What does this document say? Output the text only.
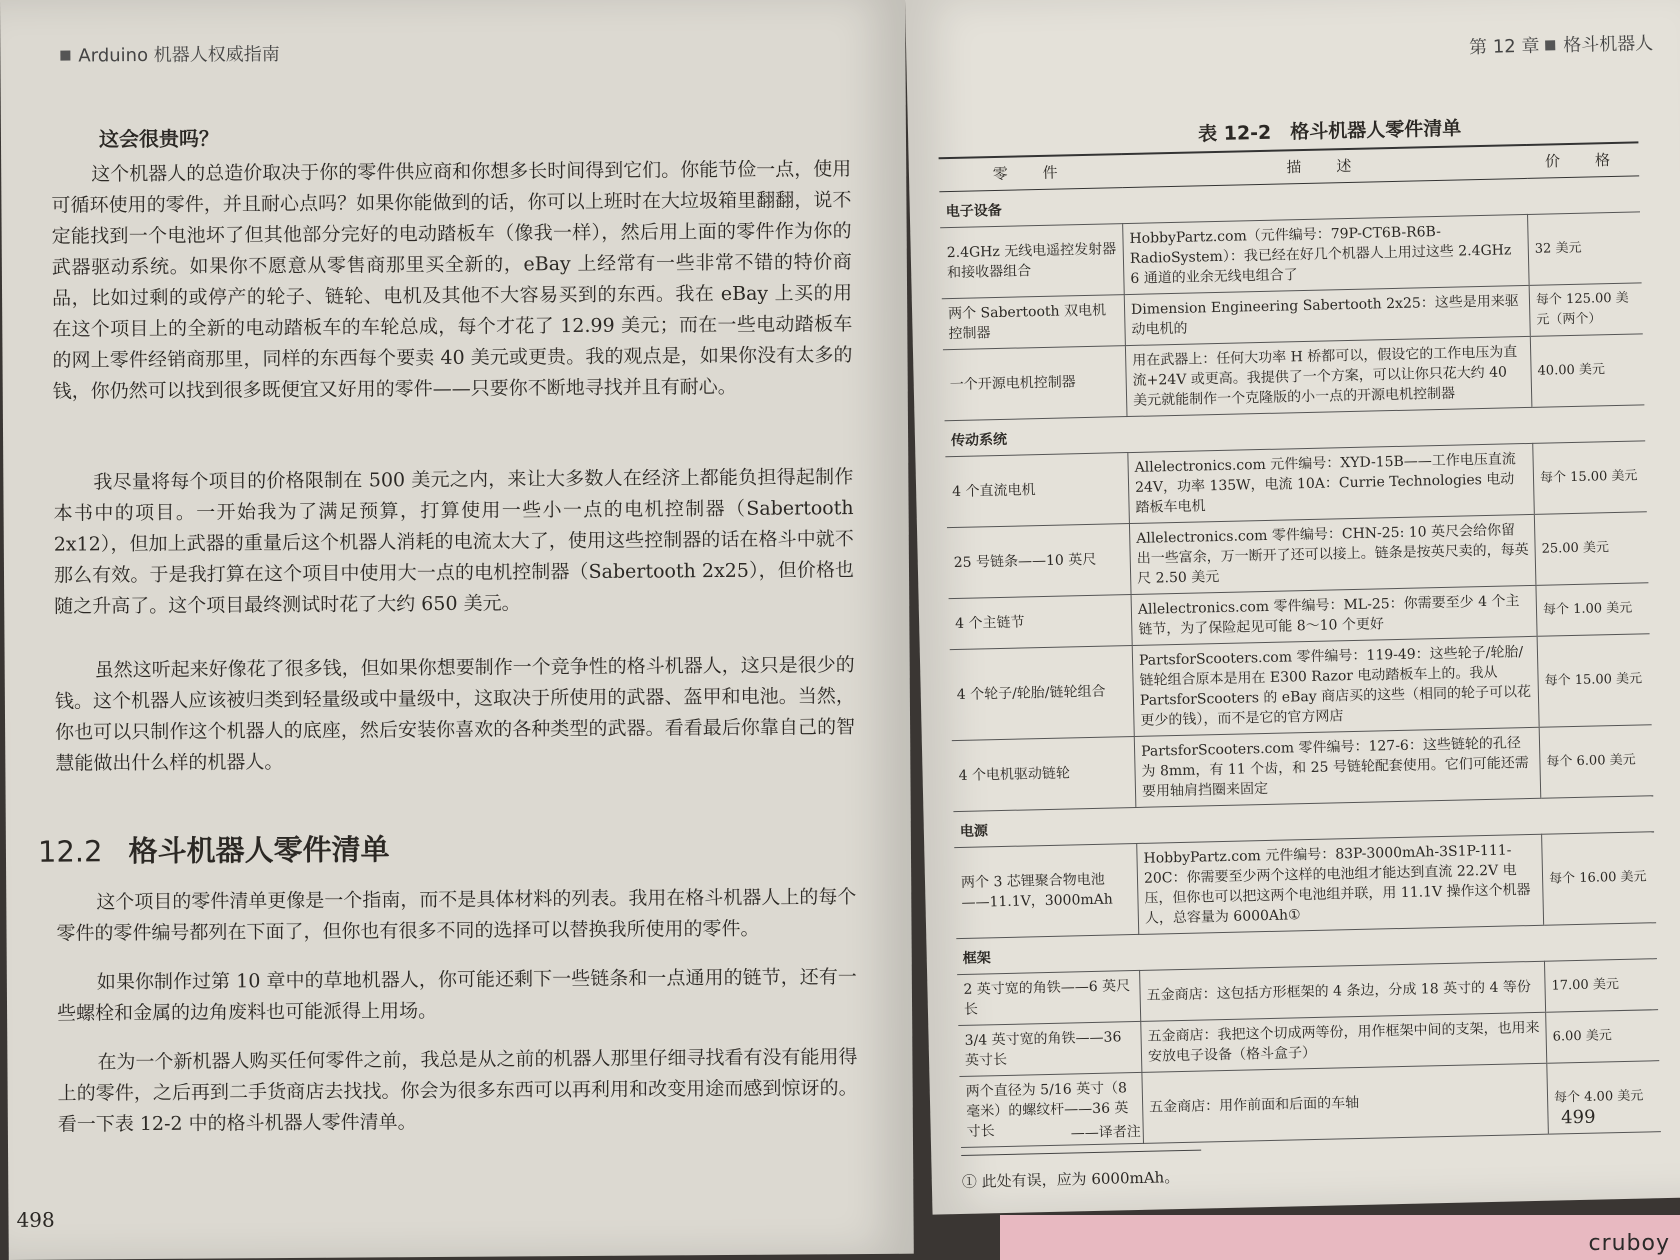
Arduino 机器人权威指南
这会很贵吗？

这个机器人的总造价取决于你的零件供应商和你想多长时间得到它们。你能节俭一点，使用可循环使用的零件，并且耐心点吗？如果你能做到的话，你可以上班时在大垃圾箱里翻翻，说不定能找到一个电池坏了但其他部分完好的电动踏板车（像我一样），然后用上面的零件作为你的武器驱动系统。如果你不愿意从零售商那里买全新的，eBay 上经常有一些非常不错的特价商品，比如过剩的或停产的轮子、链轮、电机及其他不大容易买到的东西。我在 eBay 上买的用在这个项目上的全新的电动踏板车的车轮总成，每个才花了 12.99 美元；而在一些电动踏板车的网上零件经销商那里，同样的东西每个要卖 40 美元或更贵。我的观点是，如果你没有太多的钱，你仍然可以找到很多既便宜又好用的零件——只要你不断地寻找并且有耐心。

我尽量将每个项目的价格限制在 500 美元之内，来让大多数人在经济上都能负担得起制作本书中的项目。一开始我为了满足预算，打算使用一些小一点的电机控制器（Sabertooth 2x12），但加上武器的重量后这个机器人消耗的电流太大了，使用这些控制器的话在格斗中就不那么有效。于是我打算在这个项目中使用大一点的电机控制器（Sabertooth 2x25），但价格也随之升高了。这个项目最终测试时花了大约 650 美元。

虽然这听起来好像花了很多钱，但如果你想要制作一个竞争性的格斗机器人，这只是很少的钱。这个机器人应该被归类到轻量级或中量级中，这取决于所使用的武器、盔甲和电池。当然，你也可以只制作这个机器人的底座，然后安装你喜欢的各种类型的武器。看看最后你靠自己的智慧能做出什么样的机器人。

12.2 格斗机器人零件清单

这个项目的零件清单更像是一个指南，而不是具体材料的列表。我用在格斗机器人上的每个零件的零件编号都列在下面了，但你也有很多不同的选择可以替换我所使用的零件。

如果你制作过第 10 章中的草地机器人，你可能还剩下一些链条和一点通用的链节，还有一些螺栓和金属的边角废料也可能派得上用场。

在为一个新机器人购买任何零件之前，我总是从之前的机器人那里仔细寻找看有没有能用得上的零件，之后再到二手货商店去找找。你会为很多东西可以再利用和改变用途而感到惊讶的。看一下表 12-2 中的格斗机器人零件清单。

498
第 12 章 格斗机器人
表 12-2　格斗机器人零件清单
零　件	描　述	价　格
电子设备		
2.4GHz 无线电遥控发射器和接收器组合	HobbyPartz.com（元件编号：79P-CT6B-R6B-RadioSystem）：我已经在好几个机器人上用过这些 2.4GHz 6 通道的业余无线电组合了	32 美元
两个 Sabertooth 双电机控制器	Dimension Engineering Sabertooth 2x25：这些是用来驱动电机的	每个 125.00 美元（两个）
一个开源电机控制器	用在武器上：任何大功率 H 桥都可以，假设它的工作电压为直流+24V 或更高。我提供了一个方案，可以让你只花大约 40 美元就能制作一个克隆版的小一点的开源电机控制器	40.00 美元
传动系统		
4 个直流电机	Allelectronics.com 元件编号：XYD-15B——工作电压直流 24V，功率 135W，电流 10A：Currie Technologies 电动踏板车电机	每个 15.00 美元
25 号链条——10 英尺	Allelectronics.com 零件编号：CHN-25: 10 英尺会给你留出一些富余，万一断开了还可以接上。链条是按英尺卖的，每英尺 2.50 美元	25.00 美元
4 个主链节	Allelectronics.com 零件编号：ML-25：你需要至少 4 个主链节，为了保险起见可能 8～10 个更好	每个 1.00 美元
4 个轮子/轮胎/链轮组合	PartsforScooters.com 零件编号：119-49：这些轮子/轮胎/链轮组合原本是用在 E300 Razor 电动踏板车上的。我从 PartsforScooters 的 eBay 商店买的这些（相同的轮子可以花更少的钱），而不是它的官方网店	每个 15.00 美元
4 个电机驱动链轮	PartsforScooters.com 零件编号：127-6：这些链轮的孔径为 8mm，有 11 个齿，和 25 号链轮配套使用。它们可能还需要用轴肩挡圈来固定	每个 6.00 美元
电源		
两个 3 芯锂聚合物电池——11.1V，3000mAh	HobbyPartz.com 元件编号：83P-3000mAh-3S1P-111-20C：你需要至少两个这样的电池组才能达到直流 22.2V 电压，但你也可以把这两个电池组并联，用 11.1V 操作这个机器人，总容量为 6000Ah①	每个 16.00 美元
框架		
2 英寸宽的角铁——6 英尺长	五金商店：这包括方形框架的 4 条边，分成 18 英寸的 4 等份	17.00 美元
3/4 英寸宽的角铁——36 英寸长	五金商店：我把这个切成两等份，用作框架中间的支架，也用来安放电子设备（格斗盒子）	6.00 美元
两个直径为 5/16 英寸（8 毫米）的螺纹杆——36 英寸长	五金商店：用作前面和后面的车轴	每个 4.00 美元
——译者注
499
① 此处有误，应为 6000mAh。
cruboy
